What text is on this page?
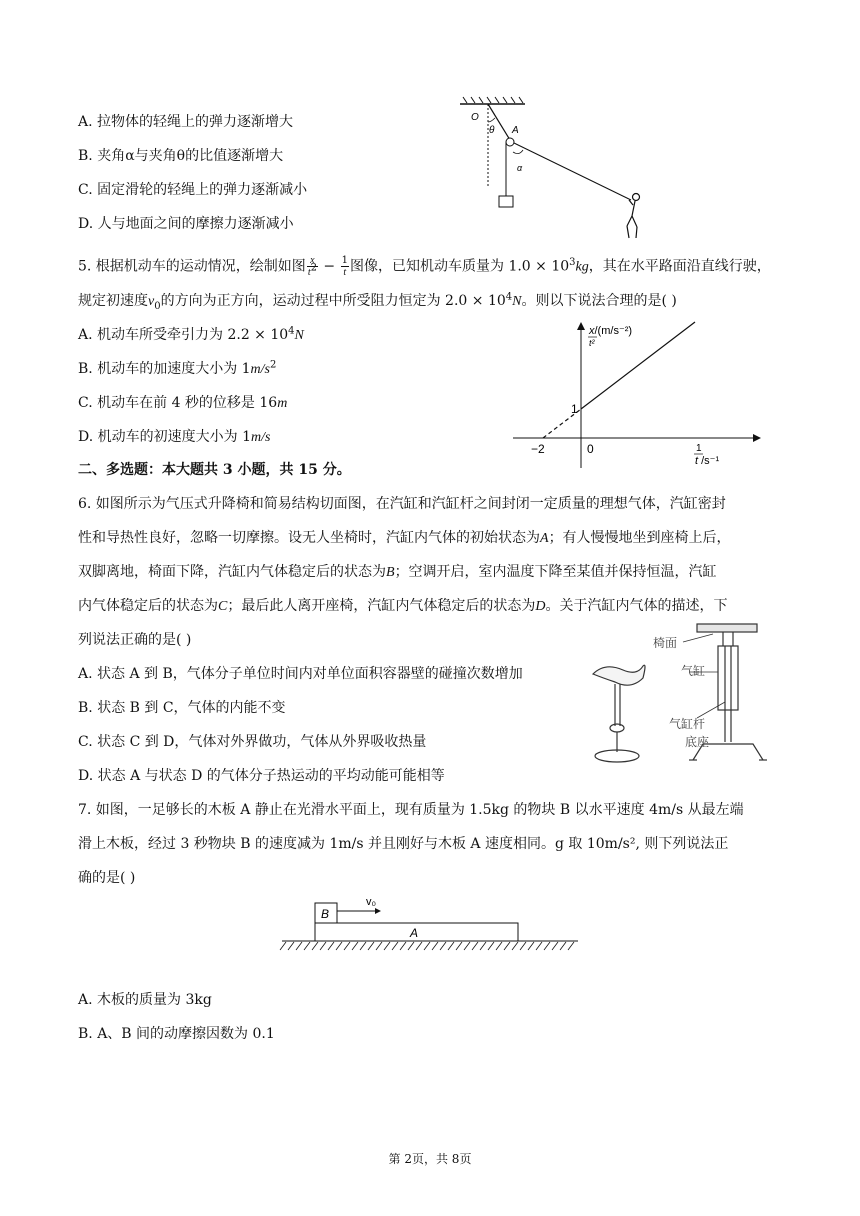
A. 拉物体的轻绳上的弹力逐渐增大
B. 夹角α与夹角θ的比值逐渐增大
C. 固定滑轮的轻绳上的弹力逐渐减小
D. 人与地面之间的摩擦力逐渐减小
O
θ A
α
5. 根据机动车的运动情况，绘制如图 $\frac{x}{t^2} - \frac{1}{t}$ 图像，已知机动车质量为 $1.0 \times 10^3kg$，其在水平路面沿直线行驶，
规定初速度$v_0$的方向为正方向，运动过程中所受阻力恒定为 $2.0 \times 10^4N$。则以下说法合理的是( )
A. 机动车所受牵引力为 $2.2 \times 10^4N$
B. 机动车的加速度大小为 $1m/s^2$
C. 机动车在前 4 秒的位移是 16m
D. 机动车的初速度大小为 1m/s
x/(m/s⁻²)
t²
t /s⁻¹
1
−2	0
1
二、多选题：本大题共 3 小题，共 15 分。
6. 如图所示为气压式升降椅和简易结构切面图，在汽缸和汽缸杆之间封闭一定质量的理想气体，汽缸密封
性和导热性良好，忽略一切摩擦。设无人坐椅时，汽缸内气体的初始状态为A；有人慢慢地坐到座椅上后，
双脚离地，椅面下降，汽缸内气体稳定后的状态为B；空调开启，室内温度下降至某值并保持恒温，汽缸
内气体稳定后的状态为C；最后此人离开座椅，汽缸内气体稳定后的状态为D。关于汽缸内气体的描述，下
列说法正确的是( )
A. 状态 A 到 B，气体分子单位时间内对单位面积容器壁的碰撞次数增加
B. 状态 B 到 C，气体的内能不变
C. 状态 C 到 D，气体对外界做功，气体从外界吸收热量
D. 状态 A 与状态 D 的气体分子热运动的平均动能可能相等
椅面
气缸
气缸杆
底座
7. 如图，一足够长的木板 A 静止在光滑水平面上，现有质量为 1.5kg 的物块 B 以水平速度 4m/s 从最左端
滑上木板，经过 3 秒物块 B 的速度减为 1m/s 并且刚好与木板 A 速度相同。g 取 10m/s², 则下列说法正
确的是( )
B
v₀
A
A. 木板的质量为 3kg
B. A、B 间的动摩擦因数为 0.1
第 2页，共 8页
